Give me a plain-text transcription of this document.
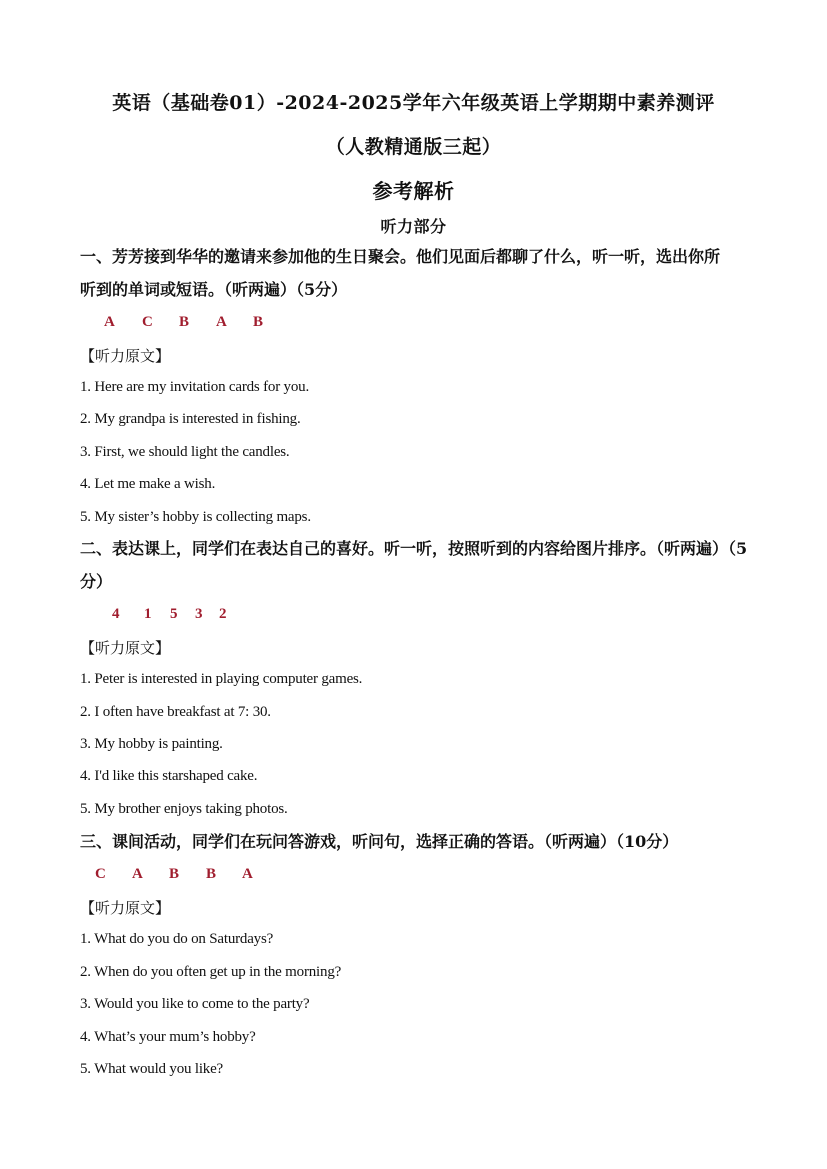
英语（基础卷01）-2024-2025学年六年级英语上学期期中素养测评
（人教精通版三起）
参考解析
听力部分
一、芳芳接到华华的邀请来参加他的生日聚会。他们见面后都聊了什么，听一听，选出你所
听到的单词或短语。（听两遍）（5分）
A	C	B	A	B
【听力原文】
1. Here are my invitation cards for you.
2. My grandpa is interested in fishing.
3. First, we should light the candles.
4. Let me make a wish.
5. My sister’s hobby is collecting maps.
二、表达课上，同学们在表达自己的喜好。听一听，按照听到的内容给图片排序。（听两遍）（5
分）
4	1	5	3	2
【听力原文】
1. Peter is interested in playing computer games.
2. I often have breakfast at 7: 30.
3. My hobby is painting.
4. I'd like this starshaped cake.
5. My brother enjoys taking photos.
三、课间活动，同学们在玩问答游戏，听问句，选择正确的答语。（听两遍）（10分）
C	A	B	B	A
【听力原文】
1. What do you do on Saturdays?
2. When do you often get up in the morning?
3. Would you like to come to the party?
4. What’s your mum’s hobby?
5. What would you like?
